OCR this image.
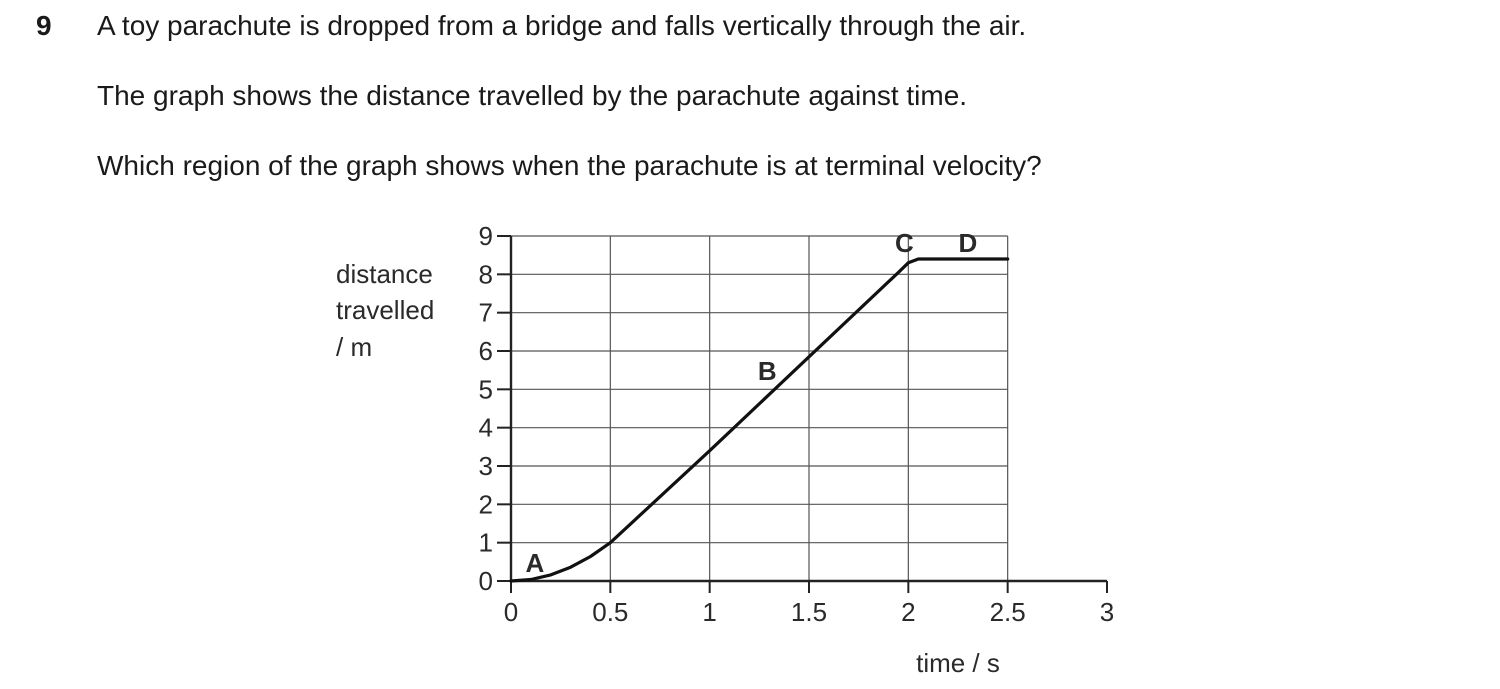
9 A toy parachute is dropped from a bridge and falls vertically through the air.
The graph shows the distance travelled by the parachute against time.
Which region of the graph shows when the parachute is at terminal velocity?
0
1
2
3
4
5
6
7
8
9
0	0.5	1	1.5	2	2.5	3
A
B
C D
distance
travelled
/ m
time / s
